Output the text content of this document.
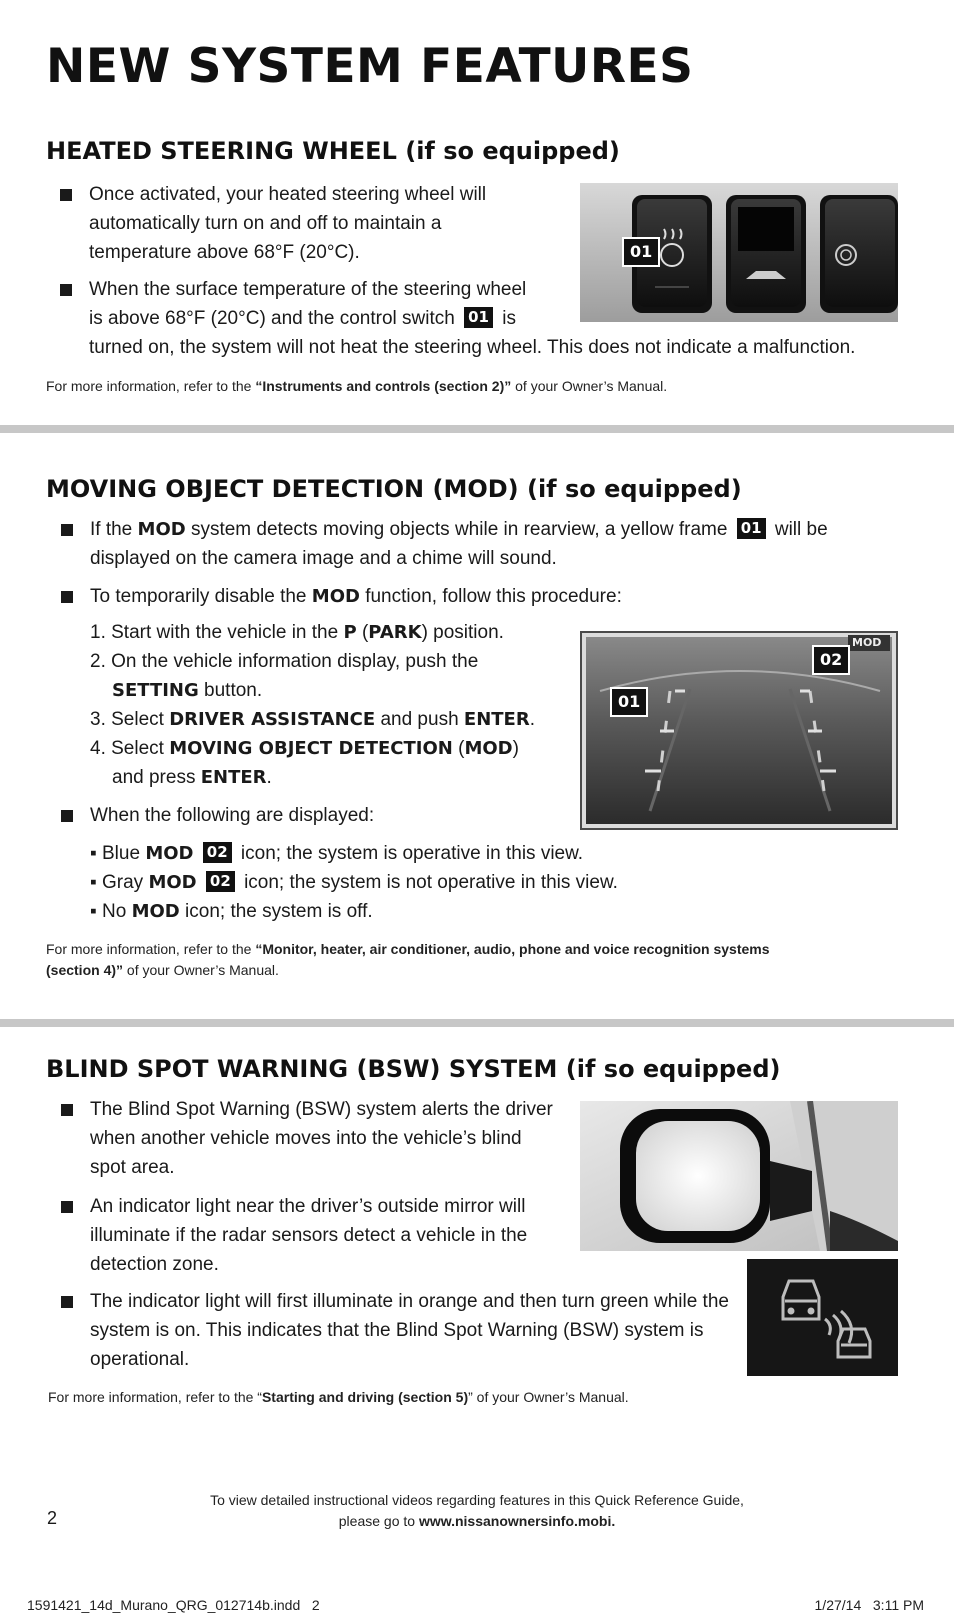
NEW SYSTEM FEATURES
HEATED STEERING WHEEL (if so equipped)
Once activated, your heated steering wheel will automatically turn on and off to maintain a temperature above 68°F (20°C).
When the surface temperature of the steering wheel
is above 68°F (20°C) and the control switch 01 is
turned on, the system will not heat the steering wheel. This does not indicate a malfunction.
01
For more information, refer to the “Instruments and controls (section 2)” of your Owner’s Manual.
MOVING OBJECT DETECTION (MOD) (if so equipped)
If the MOD system detects moving objects while in rearview, a yellow frame 01 will be displayed on the camera image and a chime will sound.
To temporarily disable the MOD function, follow this procedure:
1. Start with the vehicle in the P (PARK) position.
2. On the vehicle information display, push the
SETTING button.
3. Select DRIVER ASSISTANCE and push ENTER.
4. Select MOVING OBJECT DETECTION (MOD)
and press ENTER.
When the following are displayed:
▪ Blue MOD 02 icon; the system is operative in this view.
▪ Gray MOD 02 icon; the system is not operative in this view.
▪ No MOD icon; the system is off.
MOD
01
02
For more information, refer to the “Monitor, heater, air conditioner, audio, phone and voice recognition systems
(section 4)” of your Owner’s Manual.
BLIND SPOT WARNING (BSW) SYSTEM (if so equipped)
The Blind Spot Warning (BSW) system alerts the driver when another vehicle moves into the vehicle’s blind spot area.
An indicator light near the driver’s outside mirror will illuminate if the radar sensors detect a vehicle in the detection zone.
The indicator light will first illuminate in orange and then turn green while the system is on. This indicates that the Blind Spot Warning (BSW) system is operational.
For more information, refer to the “Starting and driving (section 5)” of your Owner’s Manual.
2
To view detailed instructional videos regarding features in this Quick Reference Guide,
please go to www.nissanownersinfo.mobi.
1591421_14d_Murano_QRG_012714b.indd   2	1/27/14   3:11 PM
